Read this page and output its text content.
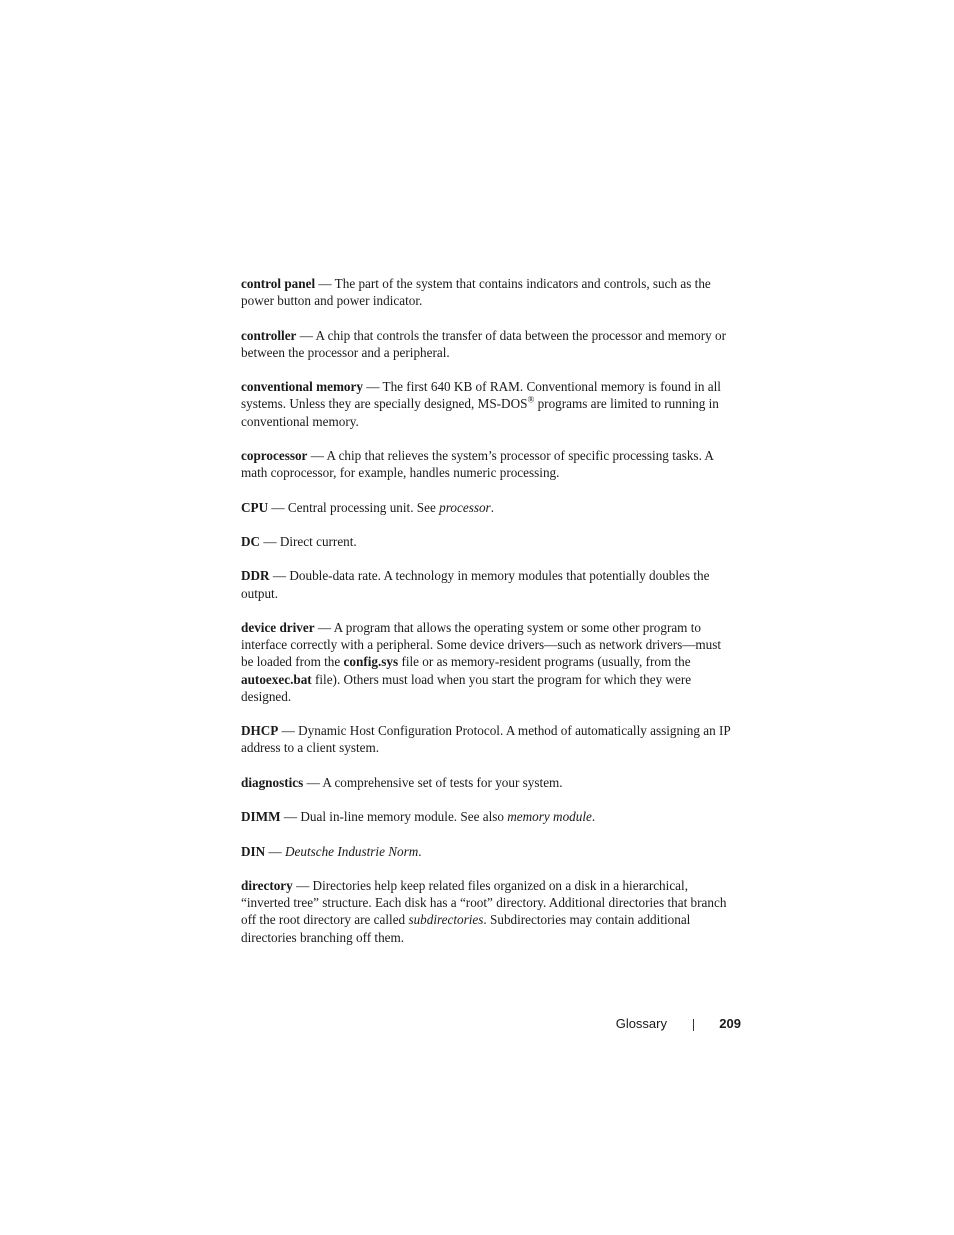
control panel — The part of the system that contains indicators and controls, such as the power button and power indicator.

controller — A chip that controls the transfer of data between the processor and memory or between the processor and a peripheral.

conventional memory — The first 640 KB of RAM. Conventional memory is found in all systems. Unless they are specially designed, MS-DOS® programs are limited to running in conventional memory.

coprocessor — A chip that relieves the system’s processor of specific processing tasks. A math coprocessor, for example, handles numeric processing.

CPU — Central processing unit. See processor.

DC — Direct current.

DDR — Double-data rate. A technology in memory modules that potentially doubles the output.

device driver — A program that allows the operating system or some other program to interface correctly with a peripheral. Some device drivers—such as network drivers—must be loaded from the config.sys file or as memory-resident programs (usually, from the autoexec.bat file). Others must load when you start the program for which they were designed.

DHCP — Dynamic Host Configuration Protocol. A method of automatically assigning an IP address to a client system.

diagnostics — A comprehensive set of tests for your system.

DIMM — Dual in-line memory module. See also memory module.

DIN — Deutsche Industrie Norm.

directory — Directories help keep related files organized on a disk in a hierarchical, “inverted tree” structure. Each disk has a “root” directory. Additional directories that branch off the root directory are called subdirectories. Subdirectories may contain additional directories branching off them.

Glossary	209
